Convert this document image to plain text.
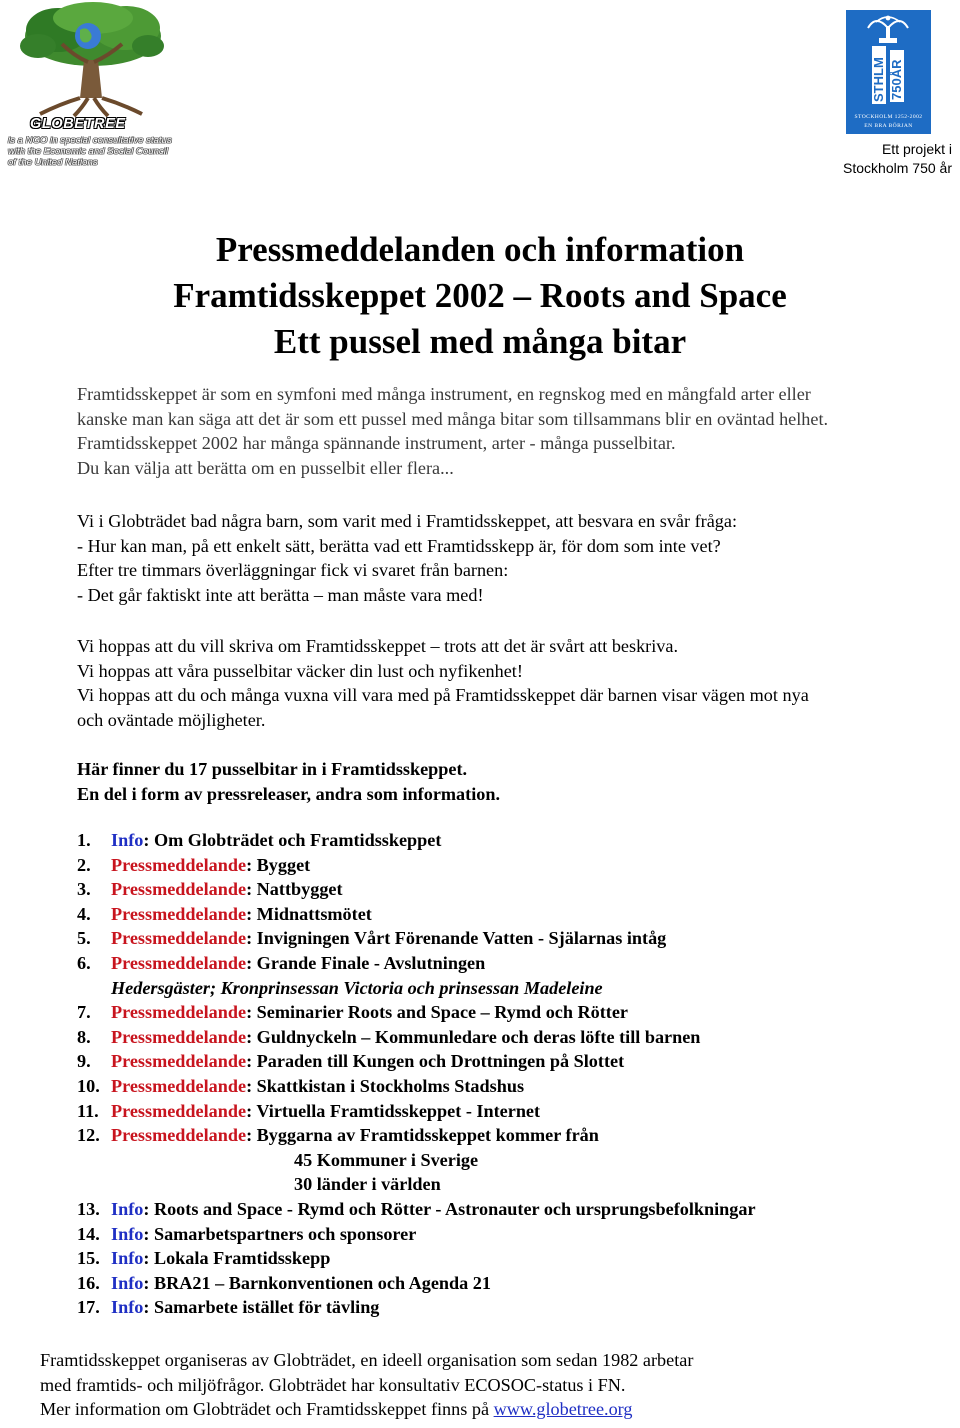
GLOBETREE
is a NGO in special consultative status
with the Economic and Social Council
of the United Nations
STHLM 750ÅR
STOCKHOLM 1252-2002
EN BRA BÖRJAN
Ett projekt i
Stockholm 750 år
Pressmeddelanden och information
Framtidsskeppet 2002 – Roots and Space
Ett pussel med många bitar
Framtidsskeppet är som en symfoni med många instrument, en regnskog med en mångfald arter eller
kanske man kan säga att det är som ett pussel med många bitar som tillsammans blir en oväntad helhet.
Framtidsskeppet 2002 har många spännande instrument, arter - många pusselbitar.
Du kan välja att berätta om en pusselbit eller flera...
Vi i Globträdet bad några barn, som varit med i Framtidsskeppet, att besvara en svår fråga:
- Hur kan man, på ett enkelt sätt, berätta vad ett Framtidsskepp är, för dom som inte vet?
Efter tre timmars överläggningar fick vi svaret från barnen:
- Det går faktiskt inte att berätta – man måste vara med!
Vi hoppas att du vill skriva om Framtidsskeppet – trots att det är svårt att beskriva.
Vi hoppas att våra pusselbitar väcker din lust och nyfikenhet!
Vi hoppas att du och många vuxna vill vara med på Framtidsskeppet där barnen visar vägen mot nya
och oväntade möjligheter.
Här finner du 17 pusselbitar in i Framtidsskeppet.
En del i form av pressreleaser, andra som information.
1. Info: Om Globträdet och Framtidsskeppet
2. Pressmeddelande: Bygget
3. Pressmeddelande: Nattbygget
4. Pressmeddelande: Midnattsmötet
5. Pressmeddelande: Invigningen Vårt Förenande Vatten - Själarnas intåg
6. Pressmeddelande: Grande Finale - Avslutningen
Hedersgäster; Kronprinsessan Victoria och prinsessan Madeleine
7. Pressmeddelande: Seminarier Roots and Space – Rymd och Rötter
8. Pressmeddelande: Guldnyckeln – Kommunledare och deras löfte till barnen
9. Pressmeddelande: Paraden till Kungen och Drottningen på Slottet
10. Pressmeddelande: Skattkistan i Stockholms Stadshus
11. Pressmeddelande: Virtuella Framtidsskeppet - Internet
12. Pressmeddelande: Byggarna av Framtidsskeppet kommer från
45 Kommuner i Sverige
30 länder i världen
13. Info: Roots and Space - Rymd och Rötter - Astronauter och ursprungsbefolkningar
14. Info: Samarbetspartners och sponsorer
15. Info: Lokala Framtidsskepp
16. Info: BRA21 – Barnkonventionen och Agenda 21
17. Info: Samarbete istället för tävling
Framtidsskeppet organiseras av Globträdet, en ideell organisation som sedan 1982 arbetar
med framtids- och miljöfrågor. Globträdet har konsultativ ECOSOC-status i FN.
Mer information om Globträdet och Framtidsskeppet finns på www.globetree.org
